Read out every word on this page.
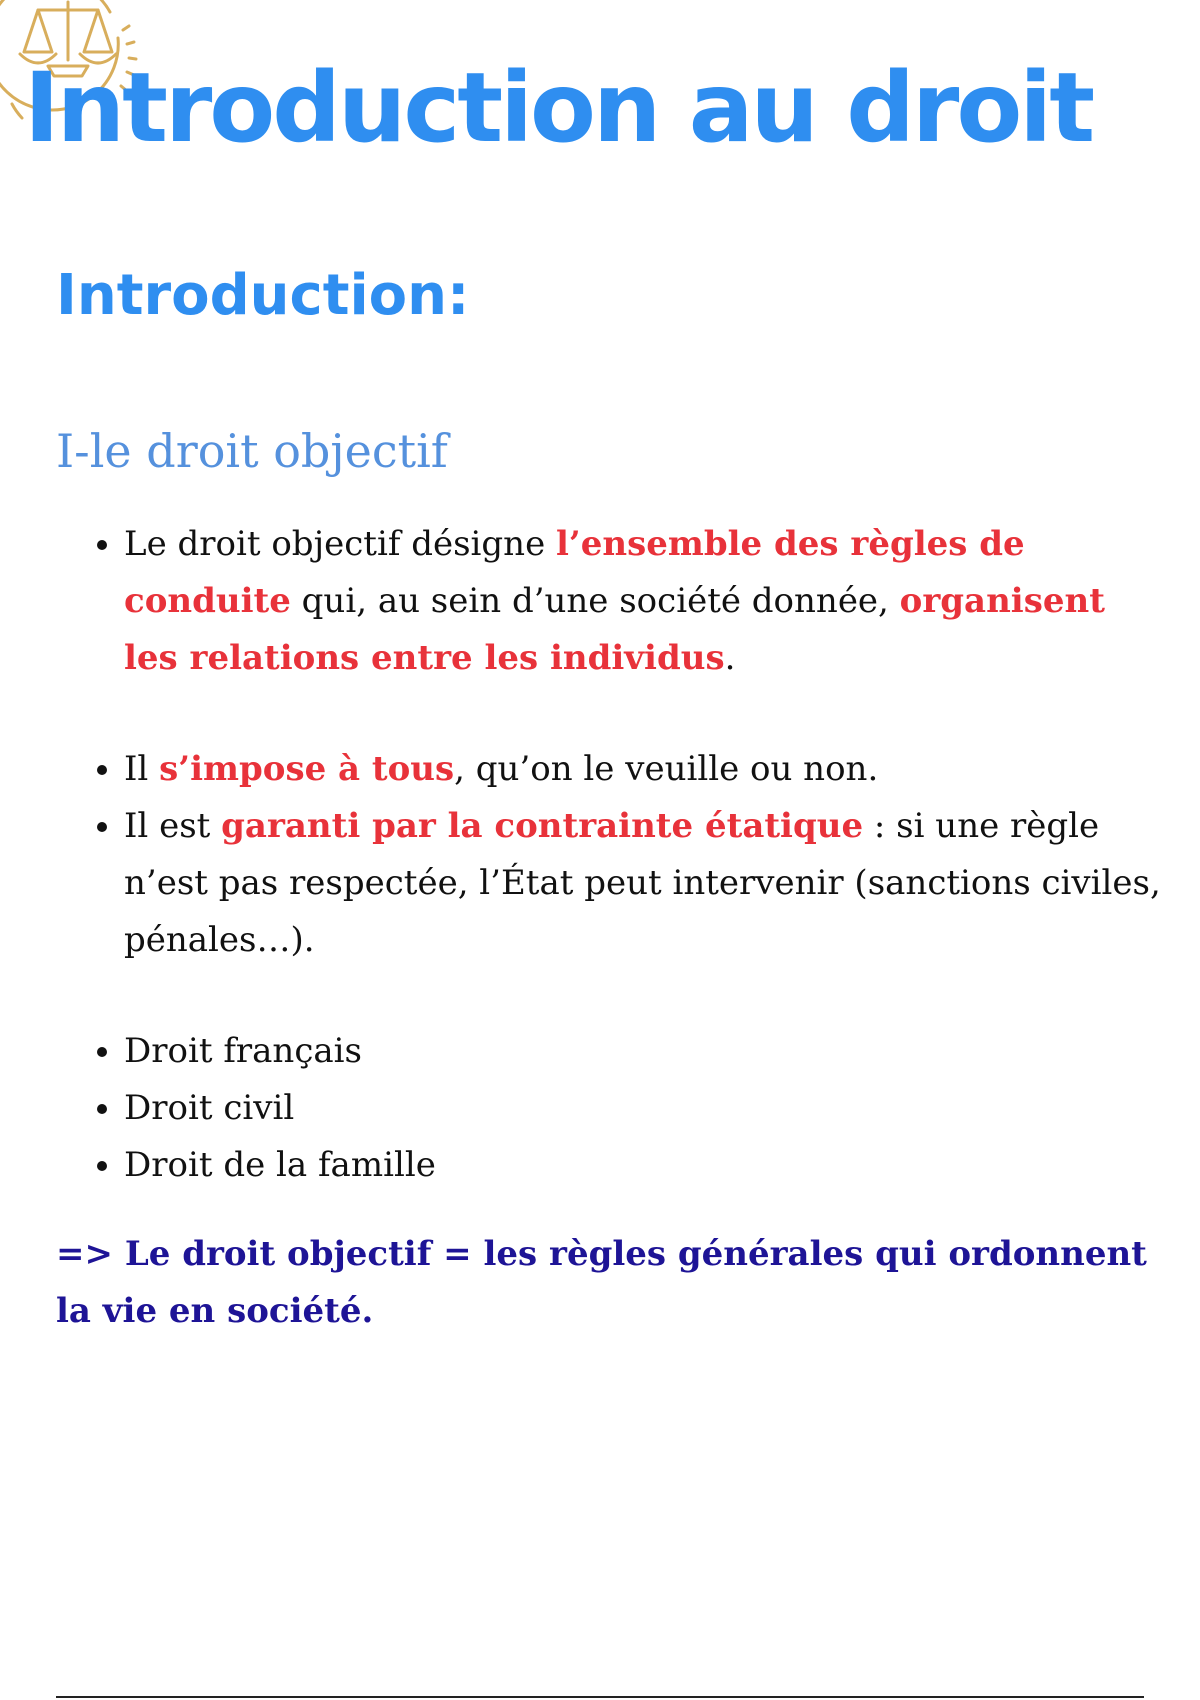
Introduction au droit
Introduction:
I-le droit objectif
• Le droit objectif désigne l’ensemble des règles de conduite qui, au sein d’une société donnée, organisent les relations entre les individus.
• Il s’impose à tous, qu’on le veuille ou non.
• Il est garanti par la contrainte étatique : si une règle n’est pas respectée, l’État peut intervenir (sanctions civiles, pénales…).
• Droit français
• Droit civil
• Droit de la famille

=> Le droit objectif = les règles générales qui ordonnent la vie en société.
